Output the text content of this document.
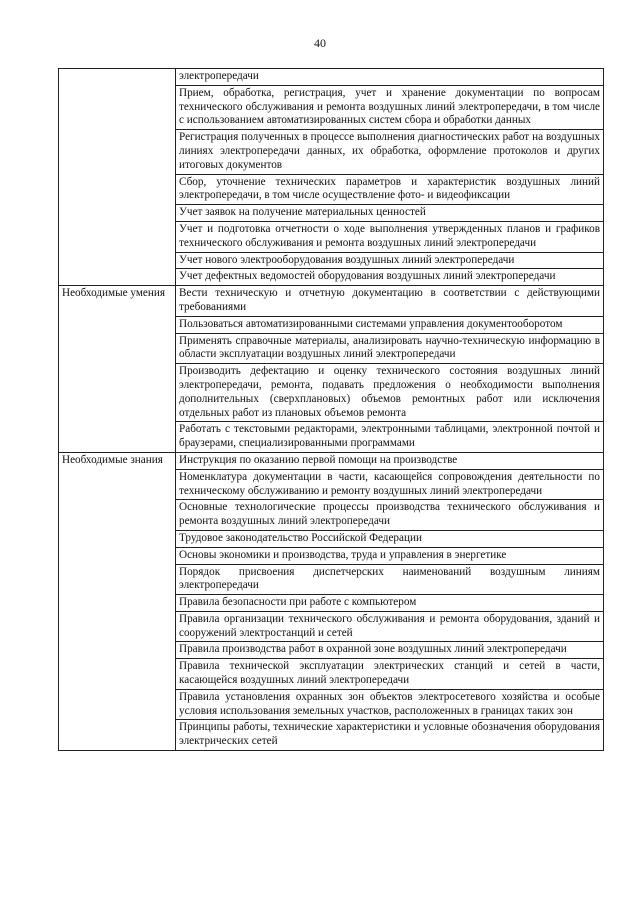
40
	электропередачи
	Прием, обработка, регистрация, учет и хранение документации по вопросам технического обслуживания и ремонта воздушных линий электропередачи, в том числе с использованием автоматизированных систем сбора и обработки данных
	Регистрация полученных в процессе выполнения диагностических работ на воздушных линиях электропередачи данных, их обработка, оформление протоколов и других итоговых документов
	Сбор, уточнение технических параметров и характеристик воздушных линий электропередачи, в том числе осуществление фото- и видеофиксации
	Учет заявок на получение материальных ценностей
	Учет и подготовка отчетности о ходе выполнения утвержденных планов и графиков технического обслуживания и ремонта воздушных линий электропередачи
	Учет нового электрооборудования воздушных линий электропередачи
	Учет дефектных ведомостей оборудования воздушных линий электропередачи
Необходимые умения	Вести техническую и отчетную документацию в соответствии с действующими требованиями
	Пользоваться автоматизированными системами управления документооборотом
	Применять справочные материалы, анализировать научно-техническую информацию в области эксплуатации воздушных линий электропередачи
	Производить дефектацию и оценку технического состояния воздушных линий электропередачи, ремонта, подавать предложения о необходимости выполнения дополнительных (сверхплановых) объемов ремонтных работ или исключения отдельных работ из плановых объемов ремонта
	Работать с текстовыми редакторами, электронными таблицами, электронной почтой и браузерами, специализированными программами
Необходимые знания	Инструкция по оказанию первой помощи на производстве
	Номенклатура документации в части, касающейся сопровождения деятельности по техническому обслуживанию и ремонту воздушных линий электропередачи
	Основные технологические процессы производства технического обслуживания и ремонта воздушных линий электропередачи
	Трудовое законодательство Российской Федерации
	Основы экономики и производства, труда и управления в энергетике
	Порядок присвоения диспетчерских наименований воздушным линиям электропередачи
	Правила безопасности при работе с компьютером
	Правила организации технического обслуживания и ремонта оборудования, зданий и сооружений электростанций и сетей
	Правила производства работ в охранной зоне воздушных линий электропередачи
	Правила технической эксплуатации электрических станций и сетей в части, касающейся воздушных линий электропередачи
	Правила установления охранных зон объектов электросетевого хозяйства и особые условия использования земельных участков, расположенных в границах таких зон
	Принципы работы, технические характеристики и условные обозначения оборудования электрических сетей
